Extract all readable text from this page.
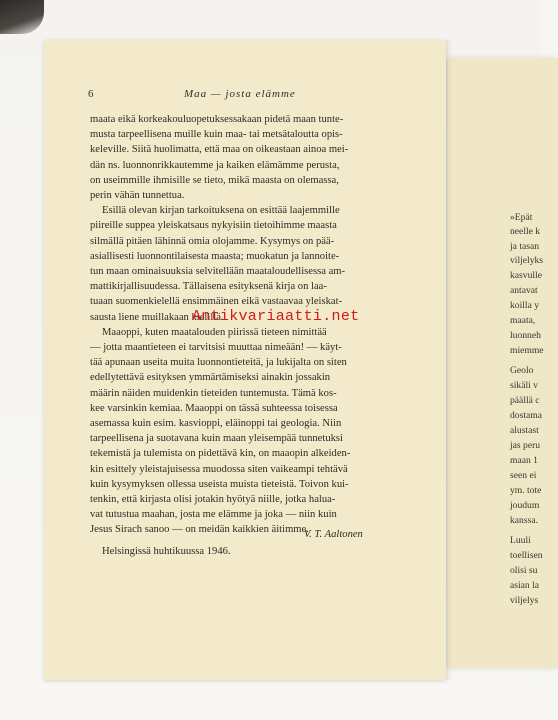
»Epät
neelle k
ja tasan
viljelyks
kasvulle
antavat
koilla y
maata,
luonneh
miemme
Geolo
sikäli v
päällä c
dostama
alustast
jas peru
maan 1
seen ei
ym. tote
joudum
kanssa.
Luuli
toellisen
olisi su
asian la
viljelys
6	Maa — josta elämme
maata eikä korkeakouluopetuksessakaan pidetä maan tunte-
musta tarpeellisena muille kuin maa- tai metsätaloutta opis-
keleville. Siitä huolimatta, että maa on oikeastaan ainoa mei-
dän ns. luonnonrikkautemme ja kaiken elämämme perusta,
on useimmille ihmisille se tieto, mikä maasta on olemassa,
perin vähän tunnettua.
Esillä olevan kirjan tarkoituksena on esittää laajemmille
piireille suppea yleiskatsaus nykyisiin tietoihimme maasta
silmällä pitäen lähinnä omia olojamme. Kysymys on pää-
asiallisesti luonnontilaisesta maasta; muokatun ja lannoite-
tun maan ominaisuuksia selvitellään maataloudellisessa am-
mattikirjallisuudessa. Tällaisena esityksenä kirja on laa-
tuaan suomenkielellä ensimmäinen eikä vastaavaa yleiskat-
sausta liene muillakaan kielillä.
Maaoppi, kuten maatalouden piirissä tieteen nimittää
— jotta maantieteen ei tarvitsisi muuttaa nimeään! — käyt-
tää apunaan useita muita luonnontieteitä, ja lukijalta on siten
edellytettävä esityksen ymmärtämiseksi ainakin jossakin
määrin näiden muidenkin tieteiden tuntemusta. Tämä kos-
kee varsinkin kemiaa. Maaoppi on tässä suhteessa toisessa
asemassa kuin esim. kasvioppi, eläinoppi tai geologia. Niin
tarpeellisena ja suotavana kuin maan yleisempää tunnetuksi
tekemistä ja tulemista on pidettävä kin, on maaopin alkeiden-
kin esittely yleistajuisessa muodossa siten vaikeampi tehtävä
kuin kysymyksen ollessa useista muista tieteistä. Toivon kui-
tenkin, että kirjasta olisi jotakin hyötyä niille, jotka halua-
vat tutustua maahan, josta me elämme ja joka — niin kuin
Jesus Sirach sanoo — on meidän kaikkien äitimme.
Helsingissä huhtikuussa 1946.
Antikvariaatti.net
V. T. Aaltonen
